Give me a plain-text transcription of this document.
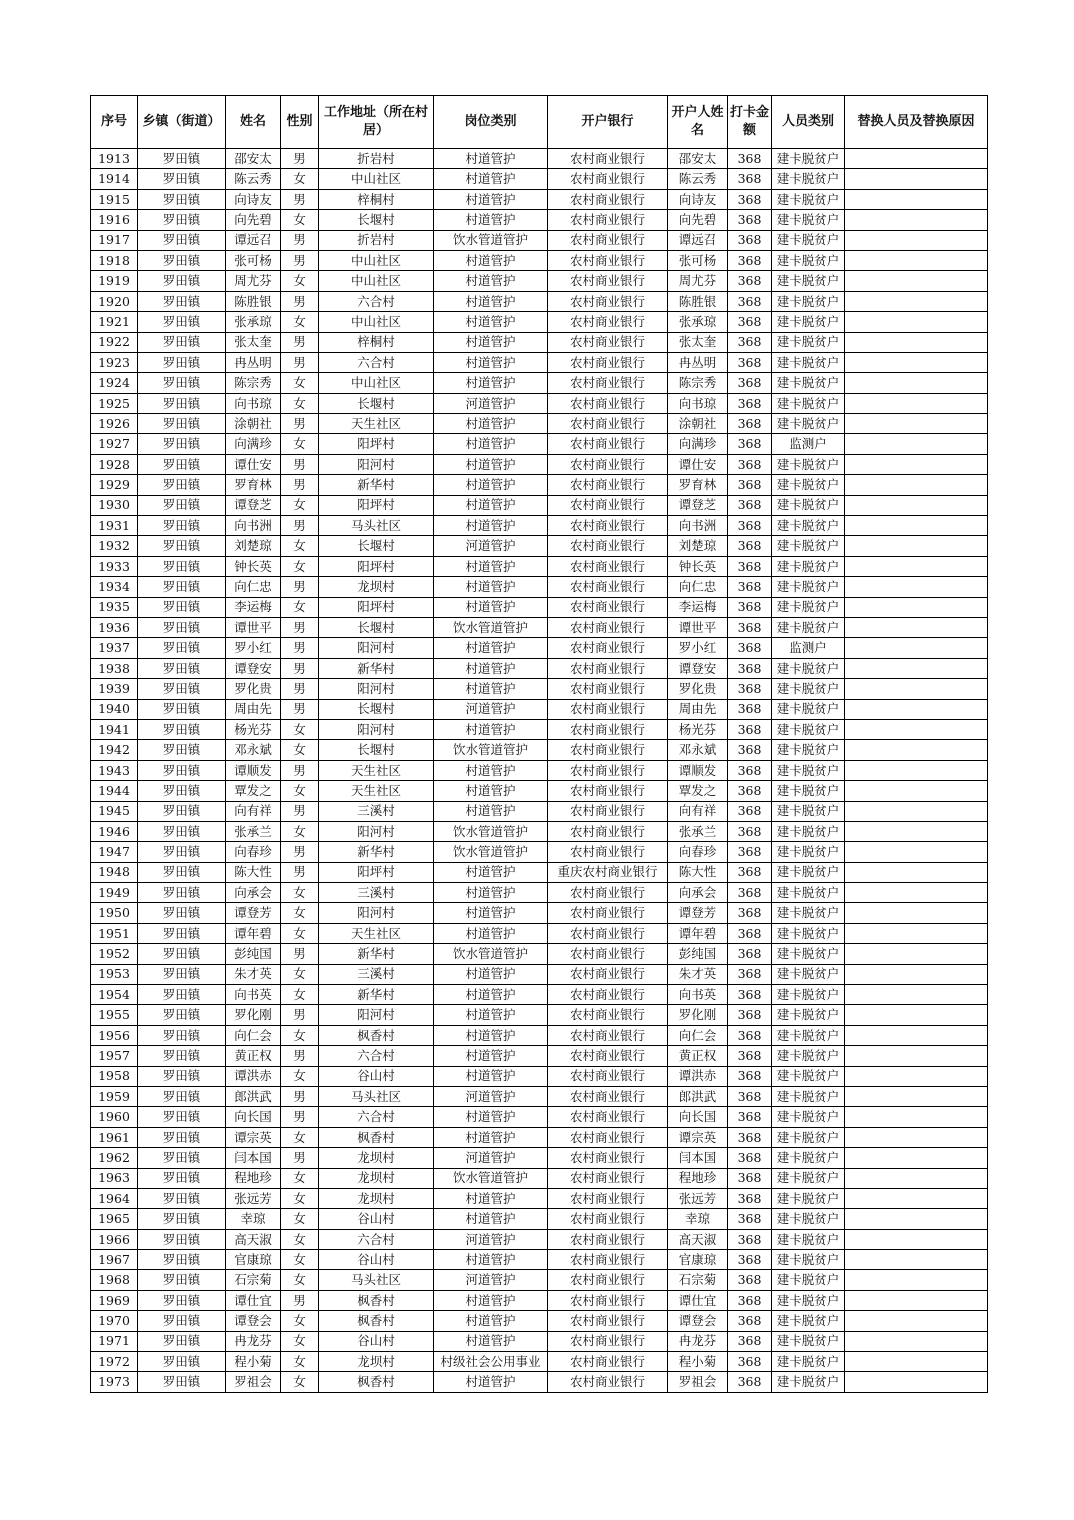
序号	乡镇（街道）	姓名	性别	工作地址（所在村居）	岗位类别	开户银行	开户人姓名	打卡金额	人员类别	替换人员及替换原因
1913	罗田镇	邵安太	男	折岩村	村道管护	农村商业银行	邵安太	368	建卡脱贫户	
1914	罗田镇	陈云秀	女	中山社区	村道管护	农村商业银行	陈云秀	368	建卡脱贫户	
1915	罗田镇	向诗友	男	梓桐村	村道管护	农村商业银行	向诗友	368	建卡脱贫户	
1916	罗田镇	向先碧	女	长堰村	村道管护	农村商业银行	向先碧	368	建卡脱贫户	
1917	罗田镇	谭远召	男	折岩村	饮水管道管护	农村商业银行	谭远召	368	建卡脱贫户	
1918	罗田镇	张可杨	男	中山社区	村道管护	农村商业银行	张可杨	368	建卡脱贫户	
1919	罗田镇	周尤芬	女	中山社区	村道管护	农村商业银行	周尤芬	368	建卡脱贫户	
1920	罗田镇	陈胜银	男	六合村	村道管护	农村商业银行	陈胜银	368	建卡脱贫户	
1921	罗田镇	张承琼	女	中山社区	村道管护	农村商业银行	张承琼	368	建卡脱贫户	
1922	罗田镇	张太奎	男	梓桐村	村道管护	农村商业银行	张太奎	368	建卡脱贫户	
1923	罗田镇	冉丛明	男	六合村	村道管护	农村商业银行	冉丛明	368	建卡脱贫户	
1924	罗田镇	陈宗秀	女	中山社区	村道管护	农村商业银行	陈宗秀	368	建卡脱贫户	
1925	罗田镇	向书琼	女	长堰村	河道管护	农村商业银行	向书琼	368	建卡脱贫户	
1926	罗田镇	涂朝社	男	天生社区	村道管护	农村商业银行	涂朝社	368	建卡脱贫户	
1927	罗田镇	向满珍	女	阳坪村	村道管护	农村商业银行	向满珍	368	监测户	
1928	罗田镇	谭仕安	男	阳河村	村道管护	农村商业银行	谭仕安	368	建卡脱贫户	
1929	罗田镇	罗育林	男	新华村	村道管护	农村商业银行	罗育林	368	建卡脱贫户	
1930	罗田镇	谭登芝	女	阳坪村	村道管护	农村商业银行	谭登芝	368	建卡脱贫户	
1931	罗田镇	向书洲	男	马头社区	村道管护	农村商业银行	向书洲	368	建卡脱贫户	
1932	罗田镇	刘楚琼	女	长堰村	河道管护	农村商业银行	刘楚琼	368	建卡脱贫户	
1933	罗田镇	钟长英	女	阳坪村	村道管护	农村商业银行	钟长英	368	建卡脱贫户	
1934	罗田镇	向仁忠	男	龙坝村	村道管护	农村商业银行	向仁忠	368	建卡脱贫户	
1935	罗田镇	李运梅	女	阳坪村	村道管护	农村商业银行	李运梅	368	建卡脱贫户	
1936	罗田镇	谭世平	男	长堰村	饮水管道管护	农村商业银行	谭世平	368	建卡脱贫户	
1937	罗田镇	罗小红	男	阳河村	村道管护	农村商业银行	罗小红	368	监测户	
1938	罗田镇	谭登安	男	新华村	村道管护	农村商业银行	谭登安	368	建卡脱贫户	
1939	罗田镇	罗化贵	男	阳河村	村道管护	农村商业银行	罗化贵	368	建卡脱贫户	
1940	罗田镇	周由先	男	长堰村	河道管护	农村商业银行	周由先	368	建卡脱贫户	
1941	罗田镇	杨光芬	女	阳河村	村道管护	农村商业银行	杨光芬	368	建卡脱贫户	
1942	罗田镇	邓永斌	女	长堰村	饮水管道管护	农村商业银行	邓永斌	368	建卡脱贫户	
1943	罗田镇	谭顺发	男	天生社区	村道管护	农村商业银行	谭顺发	368	建卡脱贫户	
1944	罗田镇	覃发之	女	天生社区	村道管护	农村商业银行	覃发之	368	建卡脱贫户	
1945	罗田镇	向有祥	男	三溪村	村道管护	农村商业银行	向有祥	368	建卡脱贫户	
1946	罗田镇	张承兰	女	阳河村	饮水管道管护	农村商业银行	张承兰	368	建卡脱贫户	
1947	罗田镇	向春珍	男	新华村	饮水管道管护	农村商业银行	向春珍	368	建卡脱贫户	
1948	罗田镇	陈大性	男	阳坪村	村道管护	重庆农村商业银行	陈大性	368	建卡脱贫户	
1949	罗田镇	向承会	女	三溪村	村道管护	农村商业银行	向承会	368	建卡脱贫户	
1950	罗田镇	谭登芳	女	阳河村	村道管护	农村商业银行	谭登芳	368	建卡脱贫户	
1951	罗田镇	谭年碧	女	天生社区	村道管护	农村商业银行	谭年碧	368	建卡脱贫户	
1952	罗田镇	彭纯国	男	新华村	饮水管道管护	农村商业银行	彭纯国	368	建卡脱贫户	
1953	罗田镇	朱才英	女	三溪村	村道管护	农村商业银行	朱才英	368	建卡脱贫户	
1954	罗田镇	向书英	女	新华村	村道管护	农村商业银行	向书英	368	建卡脱贫户	
1955	罗田镇	罗化刚	男	阳河村	村道管护	农村商业银行	罗化刚	368	建卡脱贫户	
1956	罗田镇	向仁会	女	枫香村	村道管护	农村商业银行	向仁会	368	建卡脱贫户	
1957	罗田镇	黄正权	男	六合村	村道管护	农村商业银行	黄正权	368	建卡脱贫户	
1958	罗田镇	谭洪赤	女	谷山村	村道管护	农村商业银行	谭洪赤	368	建卡脱贫户	
1959	罗田镇	郎洪武	男	马头社区	河道管护	农村商业银行	郎洪武	368	建卡脱贫户	
1960	罗田镇	向长国	男	六合村	村道管护	农村商业银行	向长国	368	建卡脱贫户	
1961	罗田镇	谭宗英	女	枫香村	村道管护	农村商业银行	谭宗英	368	建卡脱贫户	
1962	罗田镇	闫本国	男	龙坝村	河道管护	农村商业银行	闫本国	368	建卡脱贫户	
1963	罗田镇	程地珍	女	龙坝村	饮水管道管护	农村商业银行	程地珍	368	建卡脱贫户	
1964	罗田镇	张远芳	女	龙坝村	村道管护	农村商业银行	张远芳	368	建卡脱贫户	
1965	罗田镇	幸琼	女	谷山村	村道管护	农村商业银行	幸琼	368	建卡脱贫户	
1966	罗田镇	高天淑	女	六合村	河道管护	农村商业银行	高天淑	368	建卡脱贫户	
1967	罗田镇	官康琼	女	谷山村	村道管护	农村商业银行	官康琼	368	建卡脱贫户	
1968	罗田镇	石宗菊	女	马头社区	河道管护	农村商业银行	石宗菊	368	建卡脱贫户	
1969	罗田镇	谭仕宜	男	枫香村	村道管护	农村商业银行	谭仕宜	368	建卡脱贫户	
1970	罗田镇	谭登会	女	枫香村	村道管护	农村商业银行	谭登会	368	建卡脱贫户	
1971	罗田镇	冉龙芬	女	谷山村	村道管护	农村商业银行	冉龙芬	368	建卡脱贫户	
1972	罗田镇	程小菊	女	龙坝村	村级社会公用事业	农村商业银行	程小菊	368	建卡脱贫户	
1973	罗田镇	罗祖会	女	枫香村	村道管护	农村商业银行	罗祖会	368	建卡脱贫户	
